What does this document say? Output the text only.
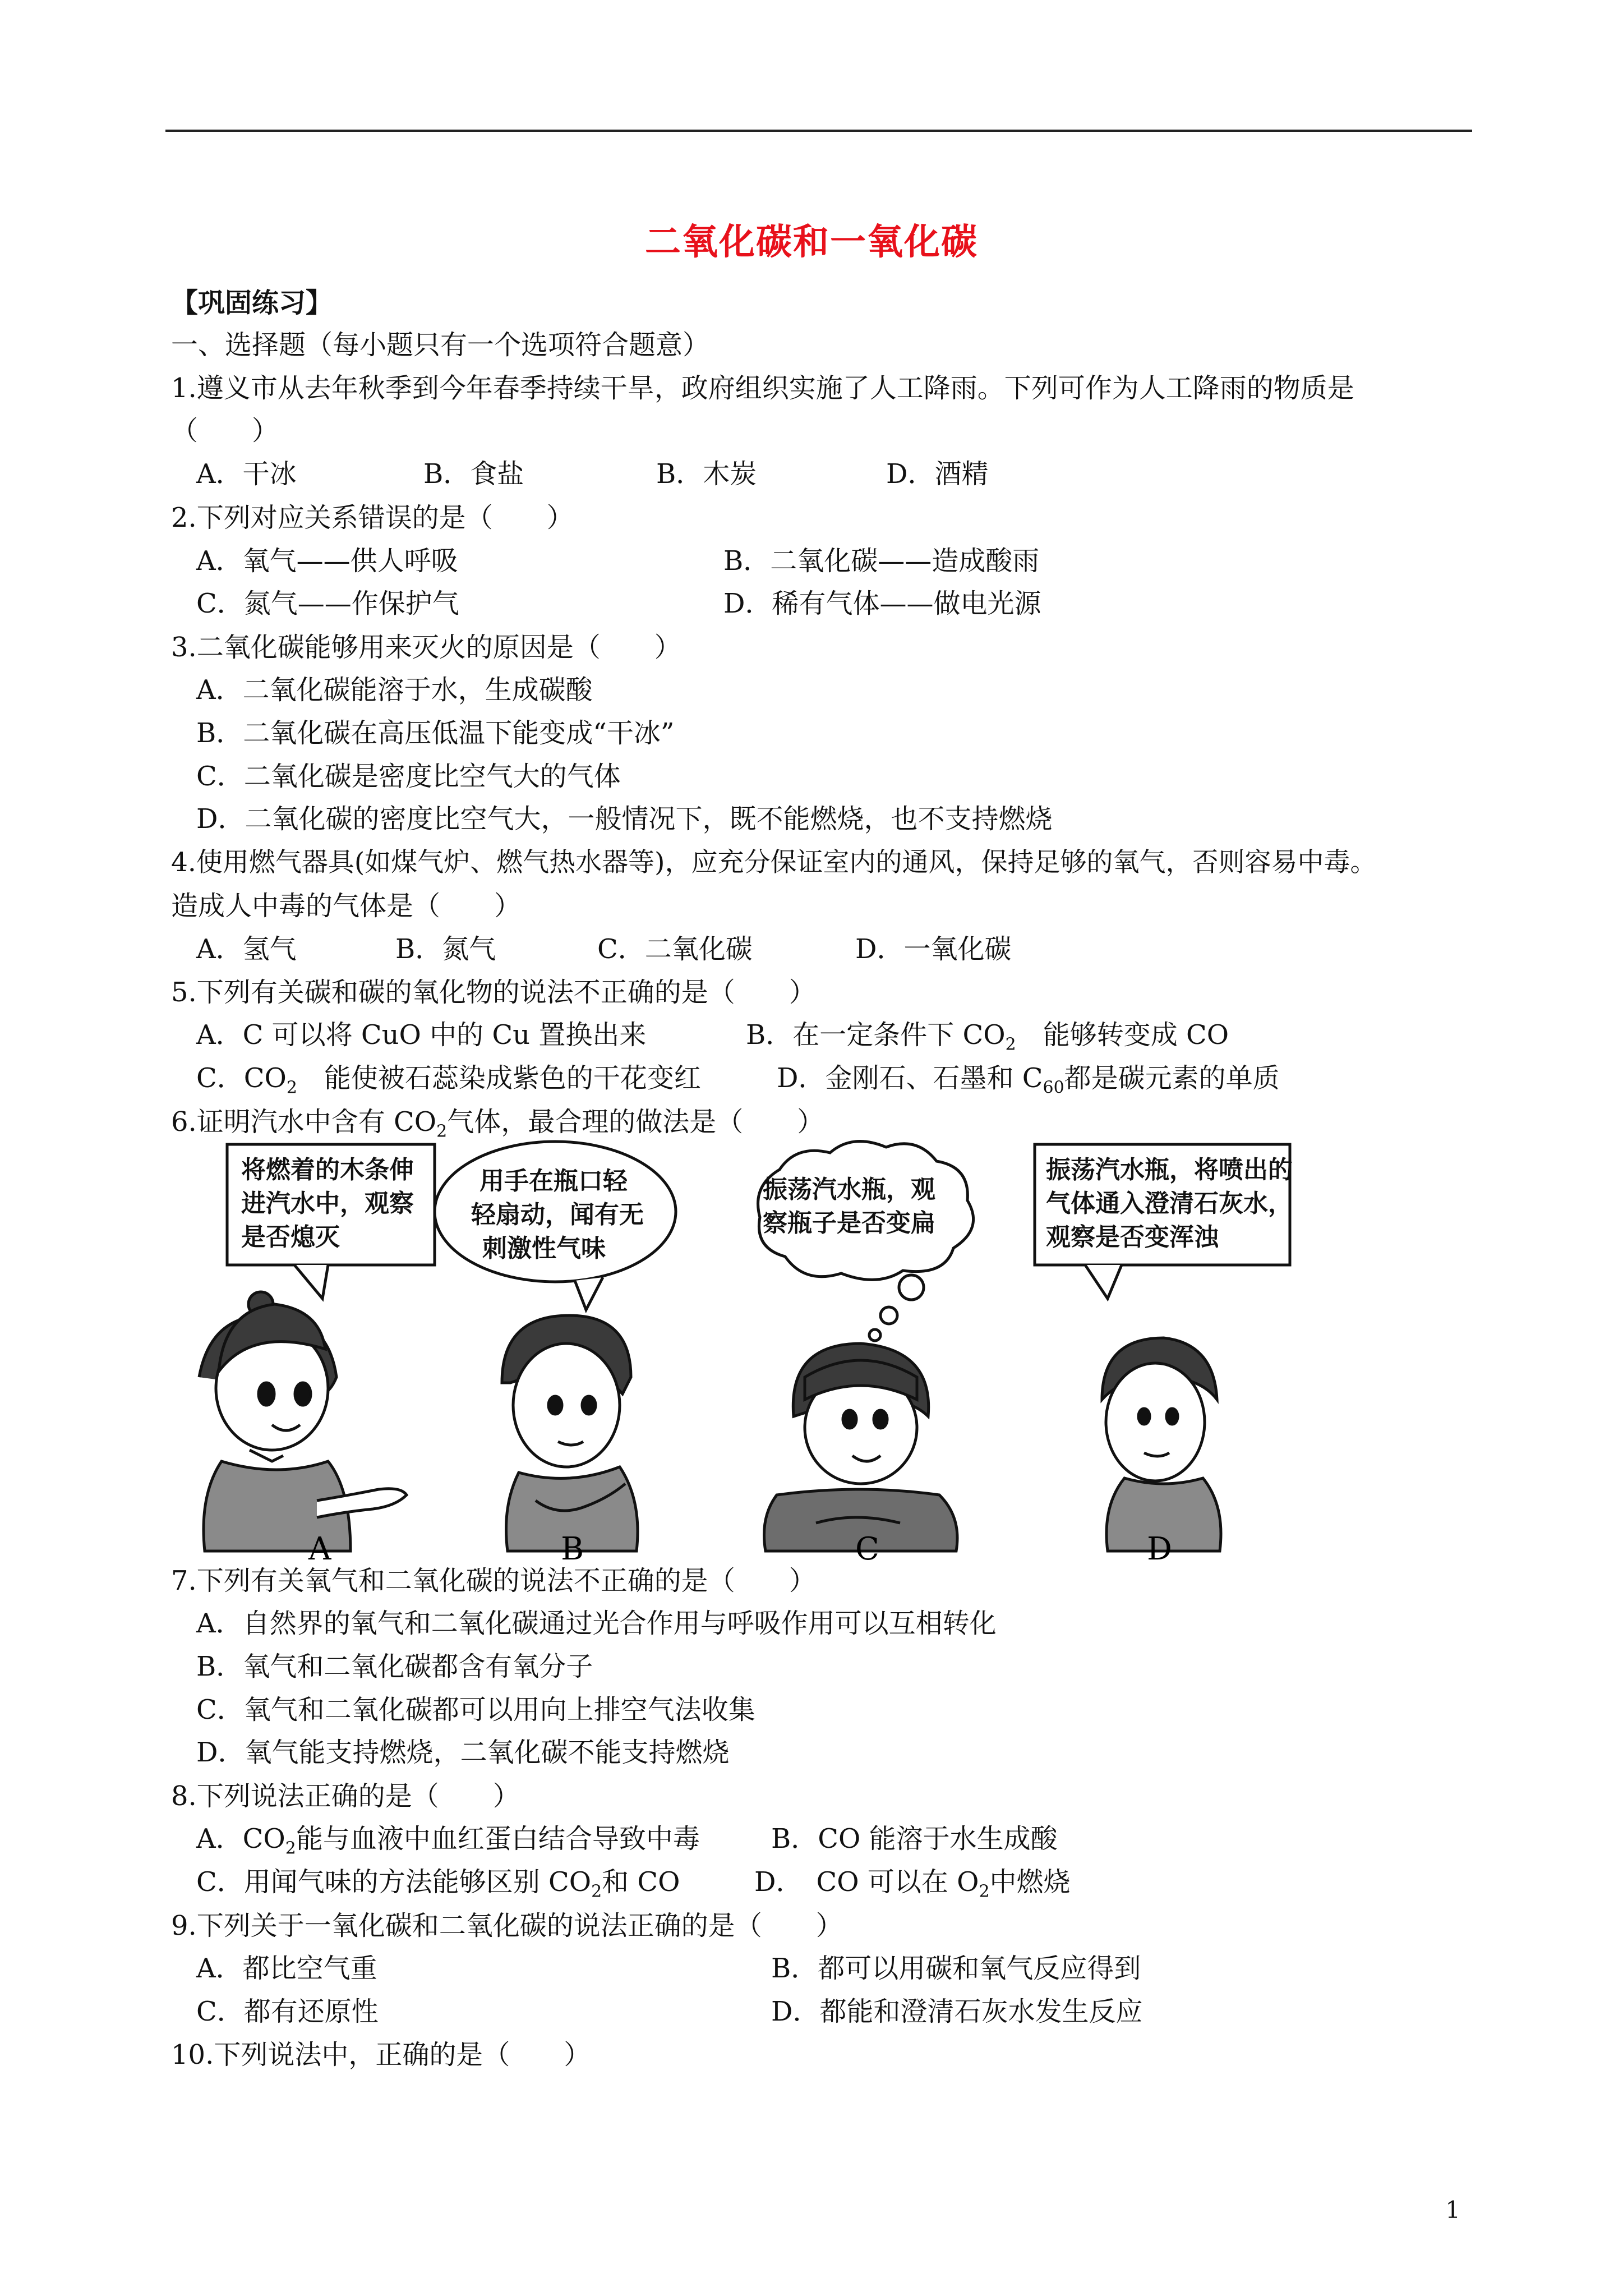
二氧化碳和一氧化碳
【巩固练习】
一、选择题（每小题只有一个选项符合题意）
1.遵义市从去年秋季到今年春季持续干旱，政府组织实施了人工降雨。下列可作为人工降雨的物质是
（　　）
A．干冰	B．食盐	B．木炭	D．酒精
2.下列对应关系错误的是（　　）
A．氧气——供人呼吸	B．二氧化碳——造成酸雨
C．氮气——作保护气	D．稀有气体——做电光源
3.二氧化碳能够用来灭火的原因是（　　）
A．二氧化碳能溶于水，生成碳酸
B．二氧化碳在高压低温下能变成“干冰”
C．二氧化碳是密度比空气大的气体
D．二氧化碳的密度比空气大，一般情况下，既不能燃烧，也不支持燃烧
4.使用燃气器具(如煤气炉、燃气热水器等)，应充分保证室内的通风，保持足够的氧气，否则容易中毒。
造成人中毒的气体是（　　）
A．氢气	B．氮气	C．二氧化碳	D．一氧化碳
5.下列有关碳和碳的氧化物的说法不正确的是（　　）
A．C 可以将 CuO 中的 Cu 置换出来	B．在一定条件下 $CO_2$　能够转变成 CO
C．$CO_2$　能使被石蕊染成紫色的干花变红	D．金刚石、石墨和 $C_{60}$都是碳元素的单质
6.证明汽水中含有 $CO_2$气体，最合理的做法是（　　）
将燃着的木条伸
进汽水中，观察
是否熄灭
用手在瓶口轻
轻扇动，闻有无
刺激性气味
振荡汽水瓶，观
察瓶子是否变扁
振荡汽水瓶，将喷出的
气体通入澄清石灰水，
观察是否变浑浊
A	B	C	D
7.下列有关氧气和二氧化碳的说法不正确的是（　　）
A．自然界的氧气和二氧化碳通过光合作用与呼吸作用可以互相转化
B．氧气和二氧化碳都含有氧分子
C．氧气和二氧化碳都可以用向上排空气法收集
D．氧气能支持燃烧，二氧化碳不能支持燃烧
8.下列说法正确的是（　　）
A．$CO_2$能与血液中血红蛋白结合导致中毒	B．CO 能溶于水生成酸
C．用闻气味的方法能够区别 $CO_2$和 CO	D．　CO 可以在 $O_2$中燃烧
9.下列关于一氧化碳和二氧化碳的说法正确的是（　　）
A．都比空气重	B．都可以用碳和氧气反应得到
C．都有还原性	D．都能和澄清石灰水发生反应
10.下列说法中，正确的是（　　）
1
